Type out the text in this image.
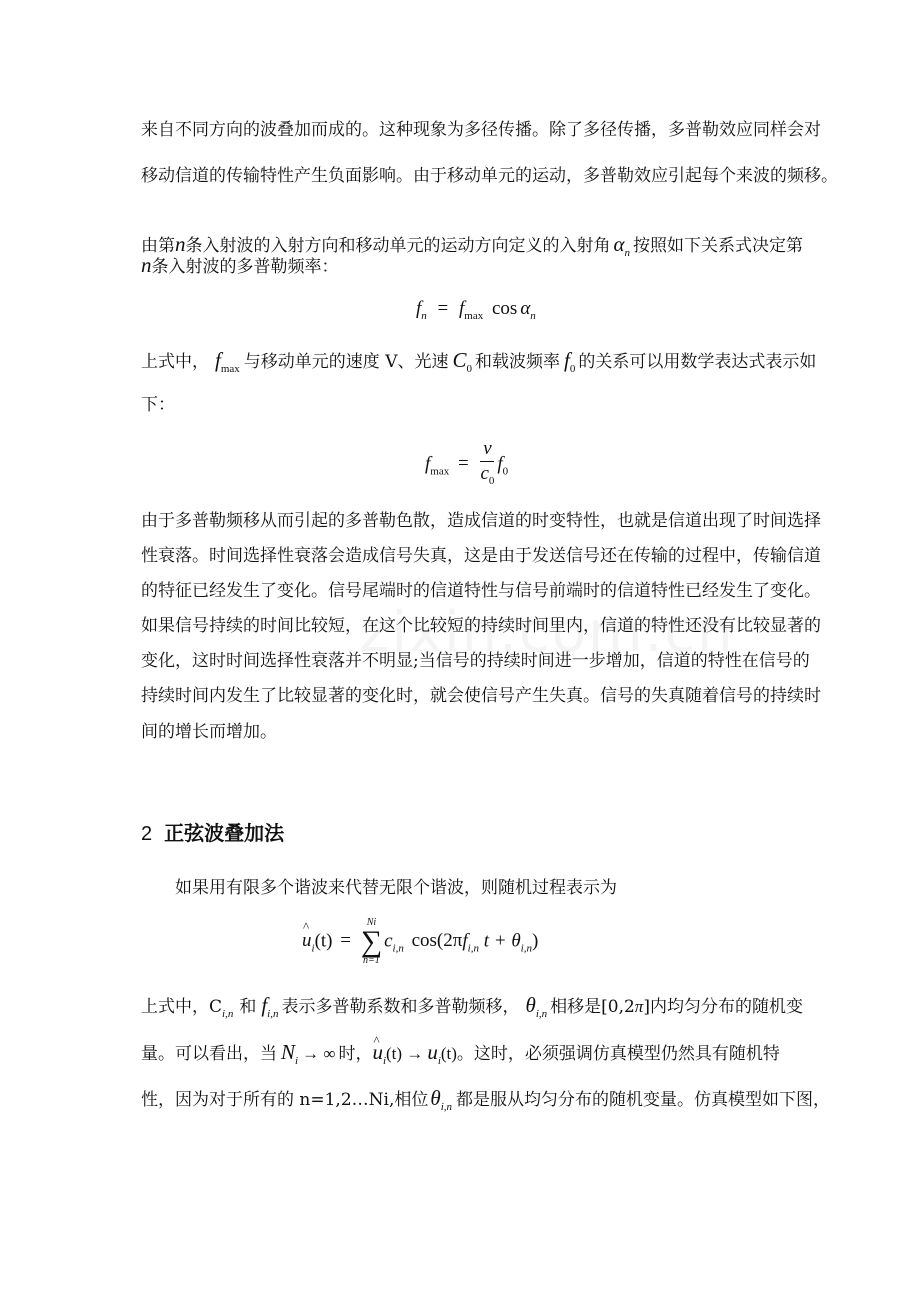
来自不同方向的波叠加而成的。这种现象为多径传播。除了多径传播，多普勒效应同样会对
移动信道的传输特性产生负面影响。由于移动单元的运动，多普勒效应引起每个来波的频移。
由第n条入射波的入射方向和移动单元的运动方向定义的入射角 $\alpha_n$ 按照如下关系式决定第
n条入射波的多普勒频率：
$f_n = f_{max}$ $\cos \alpha_n$
上式中， $f_{max}$ 与移动单元的速度 V、光速 $C_0$ 和载波频率 $f_0$ 的关系可以用数学表达式表示如
下：
$f_{max} = \frac{v}{c_0} f_0$
由于多普勒频移从而引起的多普勒色散，造成信道的时变特性，也就是信道出现了时间选择
性衰落。时间选择性衰落会造成信号失真，这是由于发送信号还在传输的过程中，传输信道
的特征已经发生了变化。信号尾端时的信道特性与信号前端时的信道特性已经发生了变化。
如果信号持续的时间比较短，在这个比较短的持续时间里内，信道的特性还没有比较显著的
变化，这时时间选择性衰落并不明显;当信号的持续时间进一步增加，信道的特性在信号的
持续时间内发生了比较显著的变化时，就会使信号产生失真。信号的失真随着信号的持续时
间的增长而增加。
2 正弦波叠加法
如果用有限多个谐波来代替无限个谐波，则随机过程表示为
^ $u_i(t)$ =
Ni
∑
n=1
$c_{i,n}$ $\cos(2\pi f_{i,n}$ $t + \theta_{i,n}$)
上式中，$C_{i,n}$ 和 $f_{i,n}$ 表示多普勒系数和多普勒频移， $\theta_{i,n}$ 相移是[0,2π]内均匀分布的随机变
量。可以看出，当 $N_i$ → ∞ 时，^ $u_i(t) \to u_i(t)$。这时，必须强调仿真模型仍然具有随机特
性，因为对于所有的 n=1,2…Ni,相位$\theta_{i,n}$ 都是服从均匀分布的随机变量。仿真模型如下图，
